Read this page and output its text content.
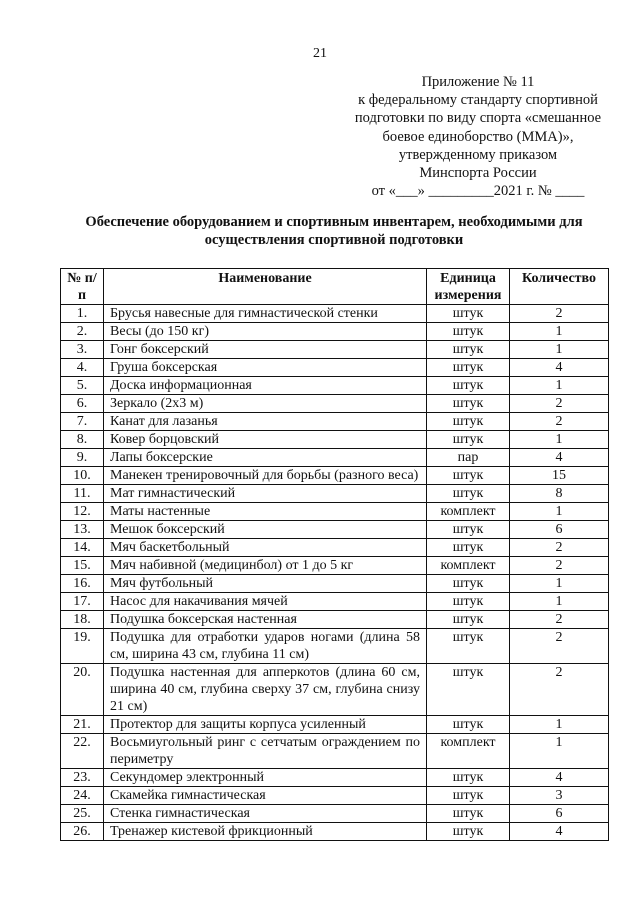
21
Приложение № 11
к федеральному стандарту спортивной
подготовки по виду спорта «смешанное
боевое единоборство (ММА)»,
утвержденному приказом
Минспорта России
от «___» _________2021 г. № ____
Обеспечение оборудованием и спортивным инвентарем, необходимыми для осуществления спортивной подготовки
№ п/п	Наименование	Единица измерения	Количество
1.	Брусья навесные для гимнастической стенки	штук	2
2.	Весы (до 150 кг)	штук	1
3.	Гонг боксерский	штук	1
4.	Груша боксерская	штук	4
5.	Доска информационная	штук	1
6.	Зеркало (2х3 м)	штук	2
7.	Канат для лазанья	штук	2
8.	Ковер борцовский	штук	1
9.	Лапы боксерские	пар	4
10.	Манекен тренировочный для борьбы (разного веса)	штук	15
11.	Мат гимнастический	штук	8
12.	Маты настенные	комплект	1
13.	Мешок боксерский	штук	6
14.	Мяч баскетбольный	штук	2
15.	Мяч набивной (медицинбол) от 1 до 5 кг	комплект	2
16.	Мяч футбольный	штук	1
17.	Насос для накачивания мячей	штук	1
18.	Подушка боксерская настенная	штук	2
19.	Подушка для отработки ударов ногами (длина 58 см, ширина 43 см, глубина 11 см)	штук	2
20.	Подушка настенная для апперкотов (длина 60 см, ширина 40 см, глубина сверху 37 см, глубина снизу 21 см)	штук	2
21.	Протектор для защиты корпуса усиленный	штук	1
22.	Восьмиугольный ринг с сетчатым ограждением по периметру	комплект	1
23.	Секундомер электронный	штук	4
24.	Скамейка гимнастическая	штук	3
25.	Стенка гимнастическая	штук	6
26.	Тренажер кистевой фрикционный	штук	4
